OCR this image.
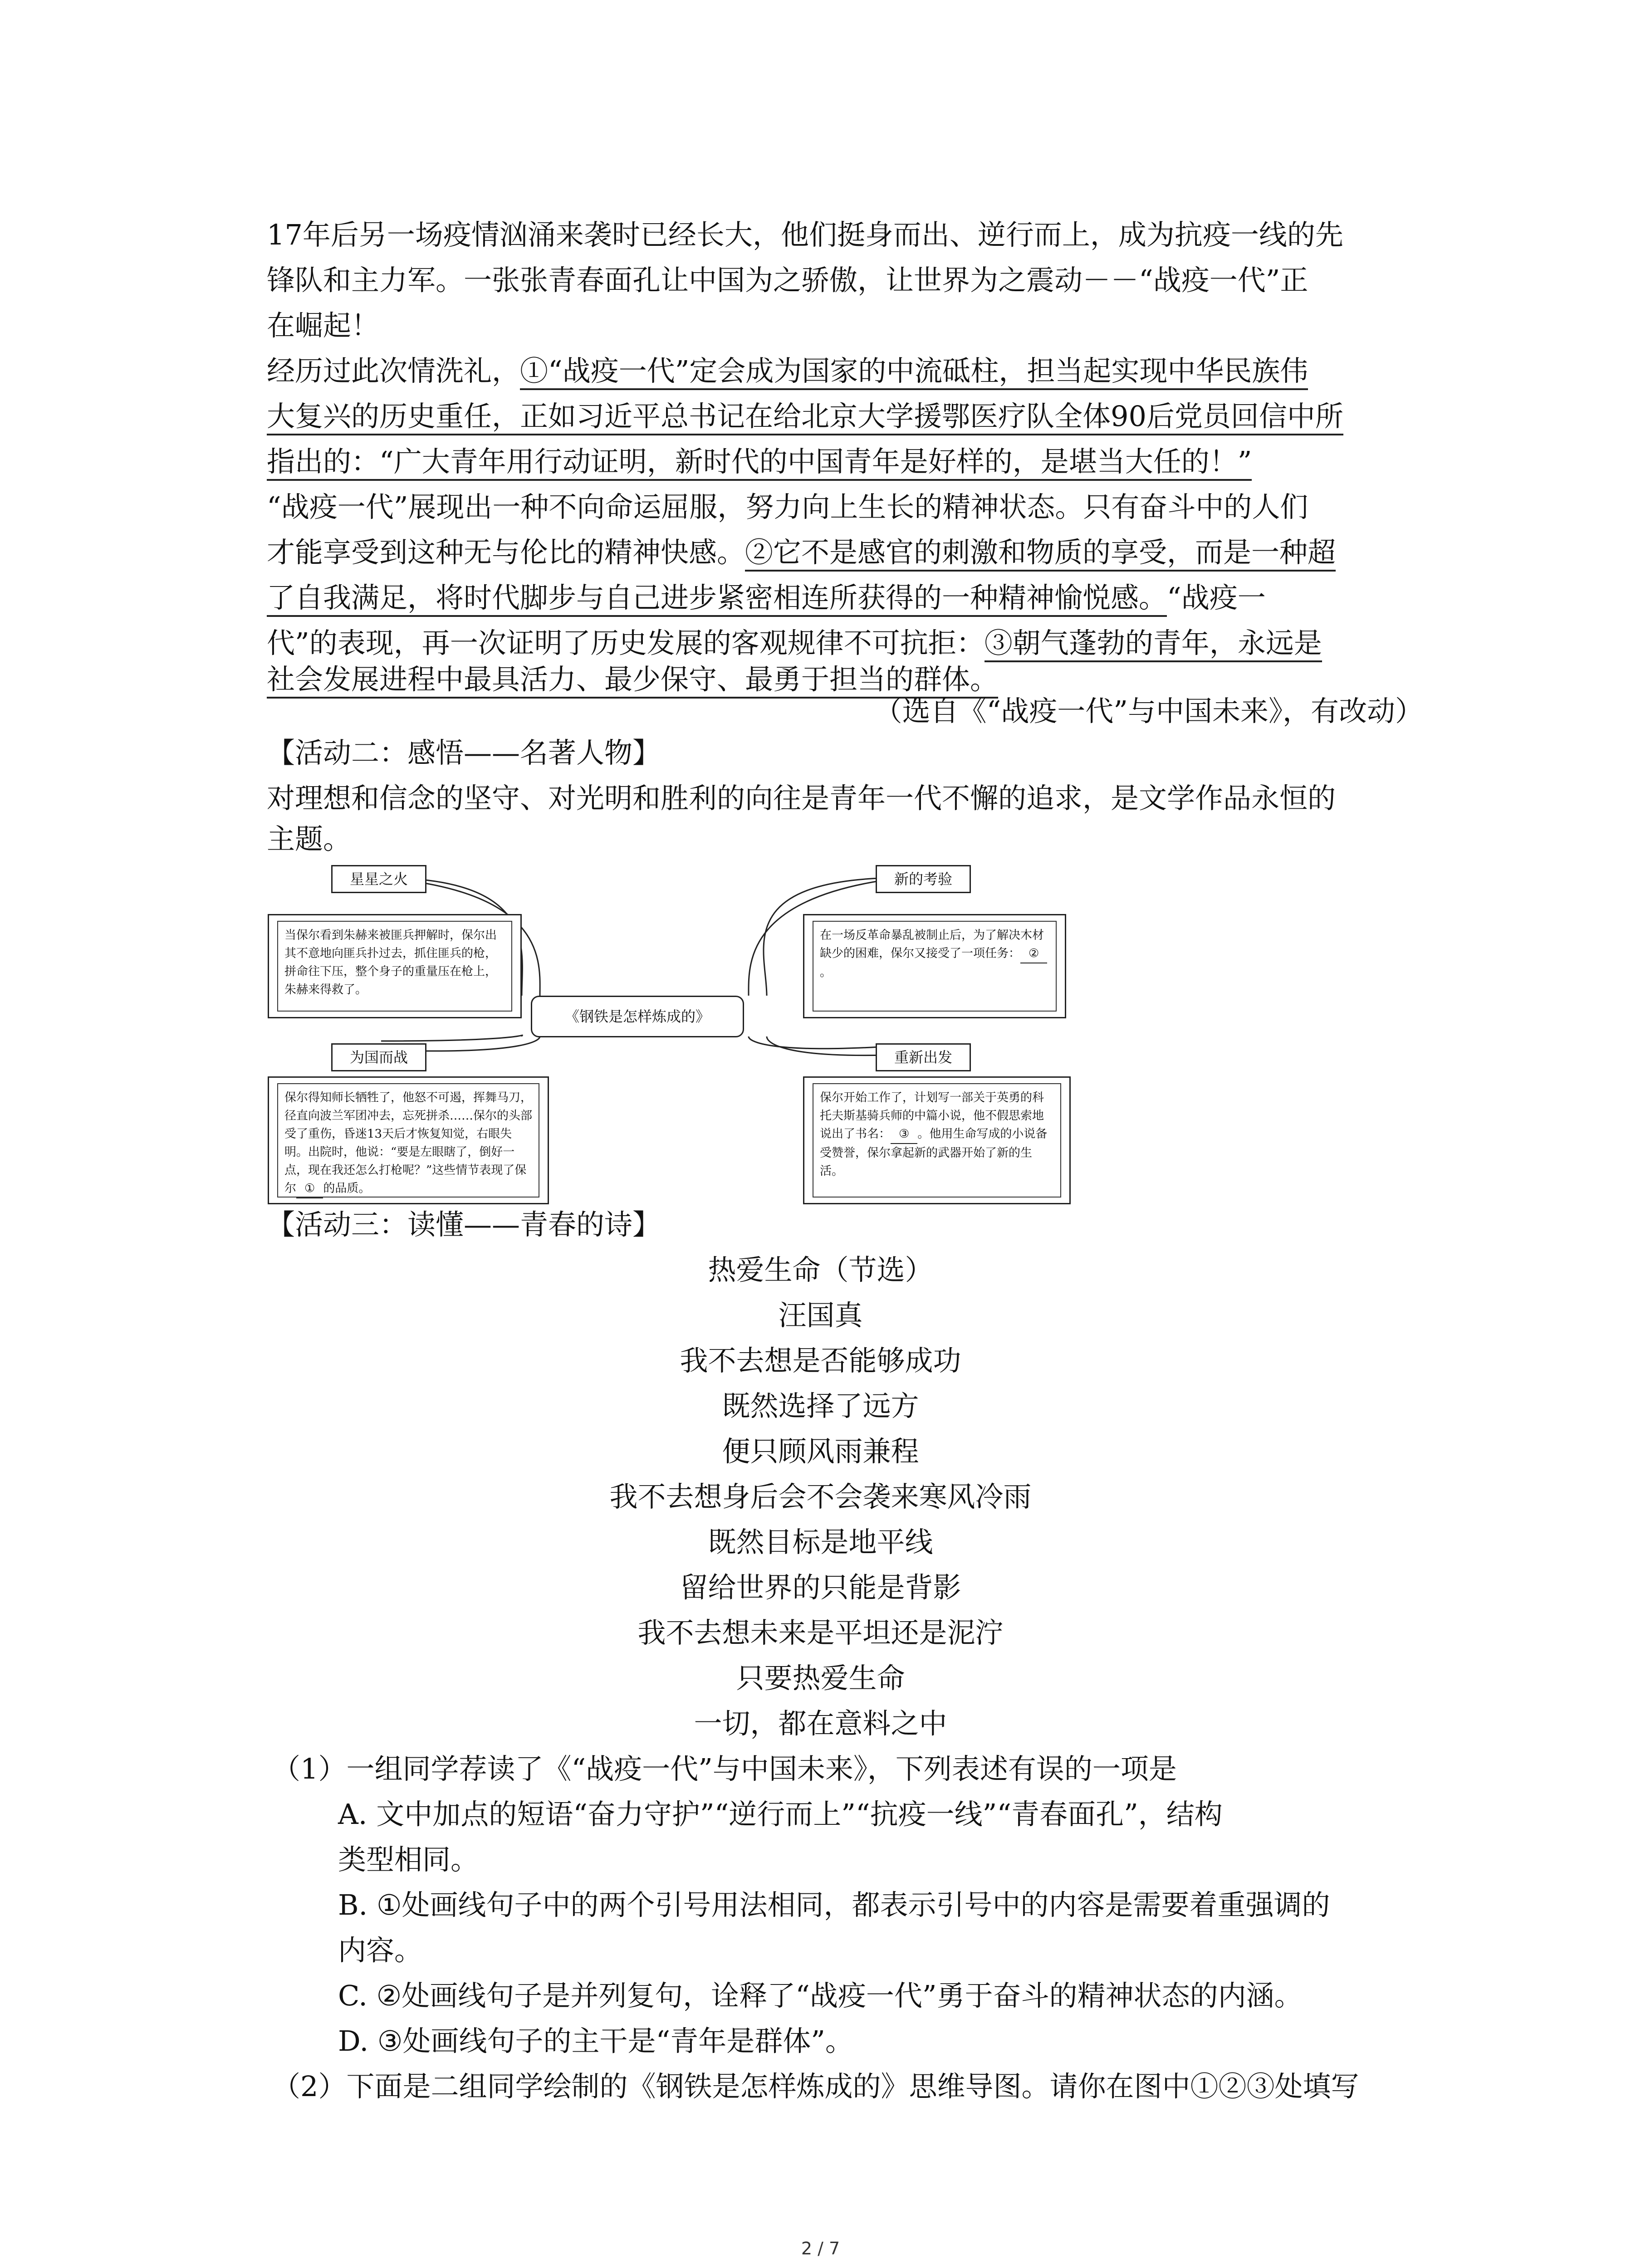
17年后另一场疫情汹涌来袭时已经长大，他们挺身而出、逆行而上，成为抗疫一线的先
锋队和主力军。一张张青春面孔让中国为之骄傲，让世界为之震动－－“战疫一代”正
在崛起！
经历过此次情洗礼，①“战疫一代”定会成为国家的中流砥柱，担当起实现中华民族伟
大复兴的历史重任，正如习近平总书记在给北京大学援鄂医疗队全体90后党员回信中所
指出的：“广大青年用行动证明，新时代的中国青年是好样的，是堪当大任的！”
“战疫一代”展现出一种不向命运屈服，努力向上生长的精神状态。只有奋斗中的人们
才能享受到这种无与伦比的精神快感。②它不是感官的刺激和物质的享受，而是一种超
了自我满足，将时代脚步与自己进步紧密相连所获得的一种精神愉悦感。“战疫一
代”的表现，再一次证明了历史发展的客观规律不可抗拒：③朝气蓬勃的青年，永远是
社会发展进程中最具活力、最少保守、最勇于担当的群体。
（选自《“战疫一代”与中国未来》，有改动）
【活动二：感悟——名著人物】
对理想和信念的坚守、对光明和胜利的向往是青年一代不懈的追求，是文学作品永恒的
主题。
星星之火
当保尔看到朱赫来被匪兵押解时，保尔出其不意地向匪兵扑过去，抓住匪兵的枪，拼命往下压，整个身子的重量压在枪上，朱赫来得救了。
《钢铁是怎样炼成的》
新的考验
在一场反革命暴乱被制止后，为了解决木材缺少的困难，保尔又接受了一项任务： ②。
为国而战
保尔得知师长牺牲了，他怒不可遏，挥舞马刀，径直向波兰军团冲去，忘死拼杀……保尔的头部受了重伤，昏迷13天后才恢复知觉，右眼失明。出院时，他说：“要是左眼瞎了，倒好一点，现在我还怎么打枪呢？”这些情节表现了保尔 ① 的品质。
重新出发
保尔开始工作了，计划写一部关于英勇的科托夫斯基骑兵师的中篇小说，他不假思索地说出了书名： ③ 。他用生命写成的小说备受赞誉，保尔拿起新的武器开始了新的生活。
【活动三：读懂——青春的诗】
热爱生命（节选）
汪国真
我不去想是否能够成功
既然选择了远方
便只顾风雨兼程
我不去想身后会不会袭来寒风冷雨
既然目标是地平线
留给世界的只能是背影
我不去想未来是平坦还是泥泞
只要热爱生命
一切，都在意料之中
（1）一组同学荐读了《“战疫一代”与中国未来》，下列表述有误的一项是
A. 文中加点的短语“奋力守护”“逆行而上”“抗疫一线”“青春面孔”，结构
类型相同。
B. ①处画线句子中的两个引号用法相同，都表示引号中的内容是需要着重强调的
内容。
C. ②处画线句子是并列复句，诠释了“战疫一代”勇于奋斗的精神状态的内涵。
D. ③处画线句子的主干是“青年是群体”。
（2）下面是二组同学绘制的《钢铁是怎样炼成的》思维导图。请你在图中①②③处填写
2 / 7
